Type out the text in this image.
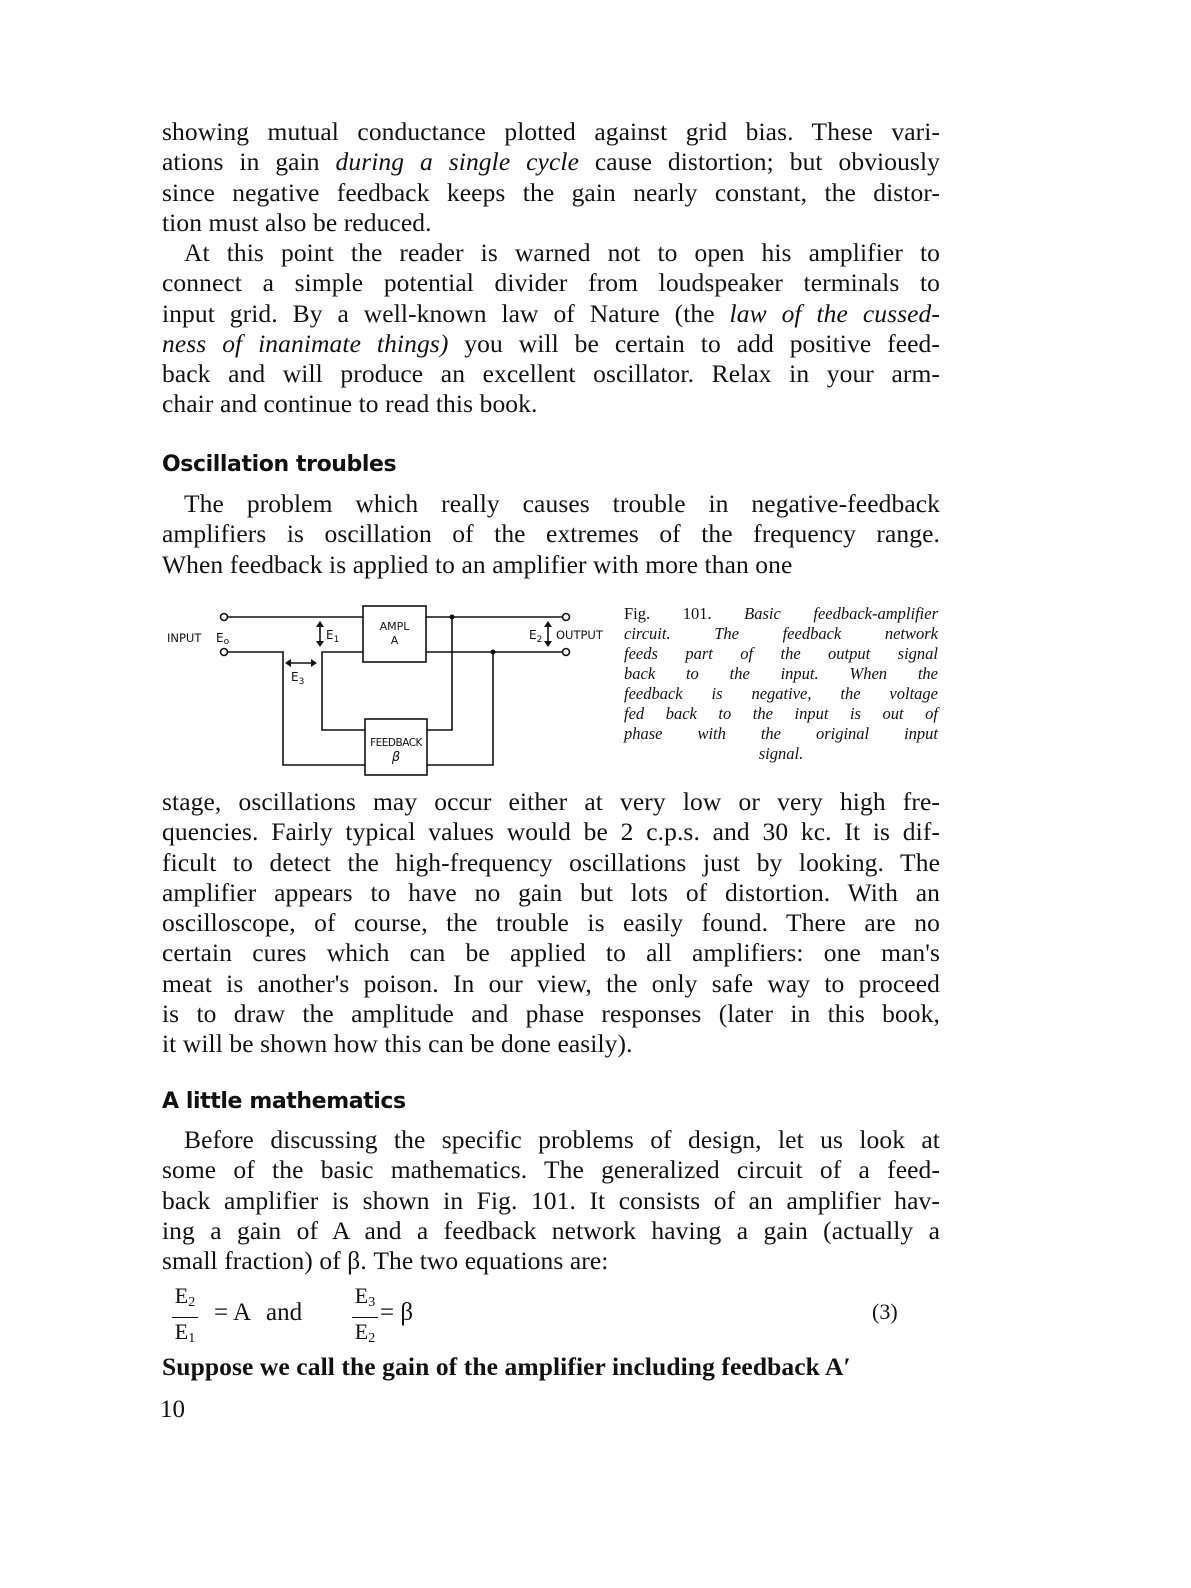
showing mutual conductance plotted against grid bias. These vari-
ations in gain during a single cycle cause distortion; but obviously
since negative feedback keeps the gain nearly constant, the distor-
tion must also be reduced.
At this point the reader is warned not to open his amplifier to
connect a simple potential divider from loudspeaker terminals to
input grid. By a well-known law of Nature (the law of the cussed-
ness of inanimate things) you will be certain to add positive feed-
back and will produce an excellent oscillator. Relax in your arm-
chair and continue to read this book.
Oscillation troubles
The problem which really causes trouble in negative-feedback
amplifiers is oscillation of the extremes of the frequency range.
When feedback is applied to an amplifier with more than one
INPUT Eo	$E_1$
$E_3$
$E_2$ OUTPUT
AMPL
A
FEEDBACK
β
Fig. 101. Basic feedback-amplifier
circuit. The feedback network
feeds part of the output signal
back to the input. When the
feedback is negative, the voltage
fed back to the input is out of
phase with the original input
signal.
stage, oscillations may occur either at very low or very high fre-
quencies. Fairly typical values would be 2 c.p.s. and 30 kc. It is dif-
ficult to detect the high-frequency oscillations just by looking. The
amplifier appears to have no gain but lots of distortion. With an
oscilloscope, of course, the trouble is easily found. There are no
certain cures which can be applied to all amplifiers: one man's
meat is another's poison. In our view, the only safe way to proceed
is to draw the amplitude and phase responses (later in this book,
it will be shown how this can be done easily).
A little mathematics
Before discussing the specific problems of design, let us look at
some of the basic mathematics. The generalized circuit of a feed-
back amplifier is shown in Fig. 101. It consists of an amplifier hav-
ing a gain of A and a feedback network having a gain (actually a
small fraction) of β. The two equations are:
$E_2$
$E_1$
= A and
$E_3$
$E_2$
= β	(3)
Suppose we call the gain of the amplifier including feedback A′
10
